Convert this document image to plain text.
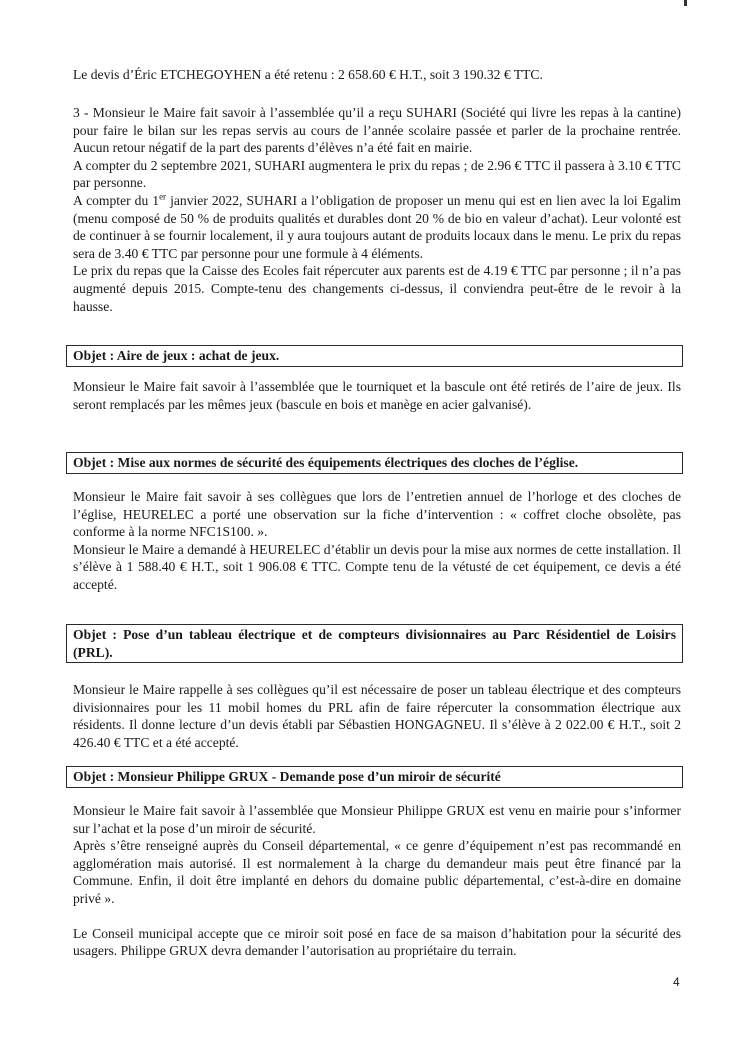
Le devis d’Éric ETCHEGOYHEN a été retenu : 2 658.60 € H.T., soit 3 190.32 € TTC.

3 - Monsieur le Maire fait savoir à l’assemblée qu’il a reçu SUHARI (Société qui livre les repas à la cantine) pour faire le bilan sur les repas servis au cours de l’année scolaire passée et parler de la prochaine rentrée. Aucun retour négatif de la part des parents d’élèves n’a été fait en mairie.

A compter du 2 septembre 2021, SUHARI augmentera le prix du repas ; de 2.96 € TTC il passera à 3.10 € TTC par personne.

A compter du 1er janvier 2022, SUHARI a l’obligation de proposer un menu qui est en lien avec la loi Egalim (menu composé de 50 % de produits qualités et durables dont 20 % de bio en valeur d’achat). Leur volonté est de continuer à se fournir localement, il y aura toujours autant de produits locaux dans le menu. Le prix du repas sera de 3.40 € TTC par personne pour une formule à 4 éléments.

Le prix du repas que la Caisse des Ecoles fait répercuter aux parents est de 4.19 € TTC par personne ; il n’a pas augmenté depuis 2015. Compte-tenu des changements ci-dessus, il conviendra peut-être de le revoir à la hausse.

Objet : Aire de jeux : achat de jeux.

Monsieur le Maire fait savoir à l’assemblée que le tourniquet et la bascule ont été retirés de l’aire de jeux. Ils seront remplacés par les mêmes jeux (bascule en bois et manège en acier galvanisé).

Objet : Mise aux normes de sécurité des équipements électriques des cloches de l’église.

Monsieur le Maire fait savoir à ses collègues que lors de l’entretien annuel de l’horloge et des cloches de l’église, HEURELEC a porté une observation sur la fiche d’intervention : « coffret cloche obsolète, pas conforme à la norme NFC1S100. ».

Monsieur le Maire a demandé à HEURELEC d’établir un devis pour la mise aux normes de cette installation. Il s’élève à 1 588.40 € H.T., soit 1 906.08 € TTC. Compte tenu de la vétusté de cet équipement, ce devis a été accepté.

Objet : Pose d’un tableau électrique et de compteurs divisionnaires au Parc Résidentiel de Loisirs (PRL).

Monsieur le Maire rappelle à ses collègues qu’il est nécessaire de poser un tableau électrique et des compteurs divisionnaires pour les 11 mobil homes du PRL afin de faire répercuter la consommation électrique aux résidents. Il donne lecture d’un devis établi par Sébastien HONGAGNEU. Il s’élève à 2 022.00 € H.T., soit 2 426.40 € TTC et a été accepté.

Objet : Monsieur Philippe GRUX - Demande pose d’un miroir de sécurité

Monsieur le Maire fait savoir à l’assemblée que Monsieur Philippe GRUX est venu en mairie pour s’informer sur l’achat et la pose d’un miroir de sécurité.

Après s’être renseigné auprès du Conseil départemental, « ce genre d’équipement n’est pas recommandé en agglomération mais autorisé. Il est normalement à la charge du demandeur mais peut être financé par la Commune. Enfin, il doit être implanté en dehors du domaine public départemental, c’est-à-dire en domaine privé ».

Le Conseil municipal accepte que ce miroir soit posé en face de sa maison d’habitation pour la sécurité des usagers. Philippe GRUX devra demander l’autorisation au propriétaire du terrain.

4
